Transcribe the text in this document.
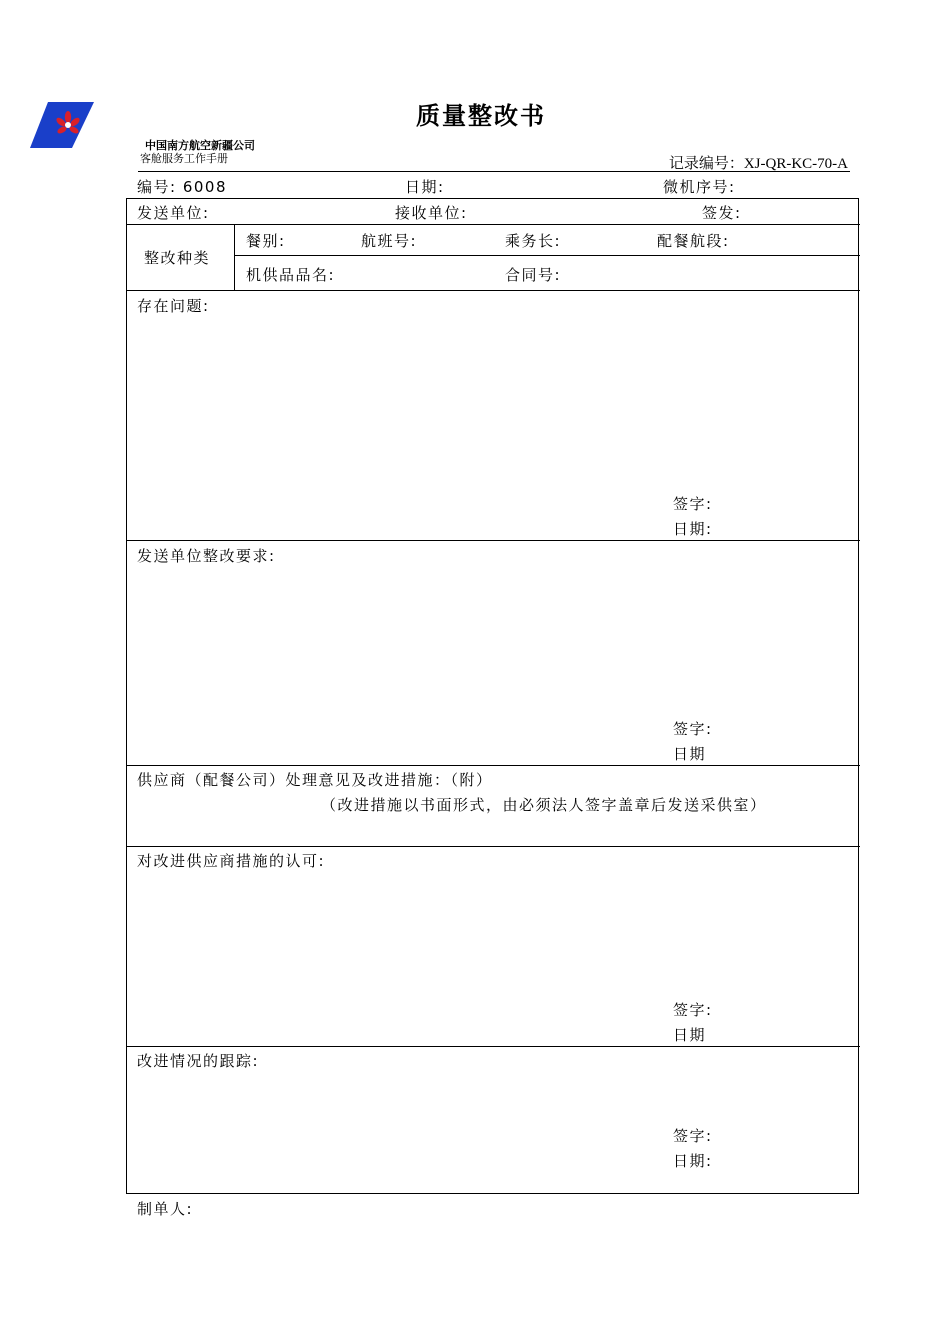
质量整改书
中国南方航空新疆公司
客舱服务工作手册	记录编号：XJ-QR-KC-70-A
编号: 6008	日期:	微机序号:
发送单位:	接收单位:	签发:
整改种类
餐别:	航班号:	乘务长:	配餐航段:
机供品品名:	合同号:
存在问题:
签字:
日期:
发送单位整改要求:
签字:
日期
供应商（配餐公司）处理意见及改进措施：（附）
（改进措施以书面形式，由必须法人签字盖章后发送采供室）
对改进供应商措施的认可:
签字:
日期
改进情况的跟踪:
签字:
日期:
制单人:
